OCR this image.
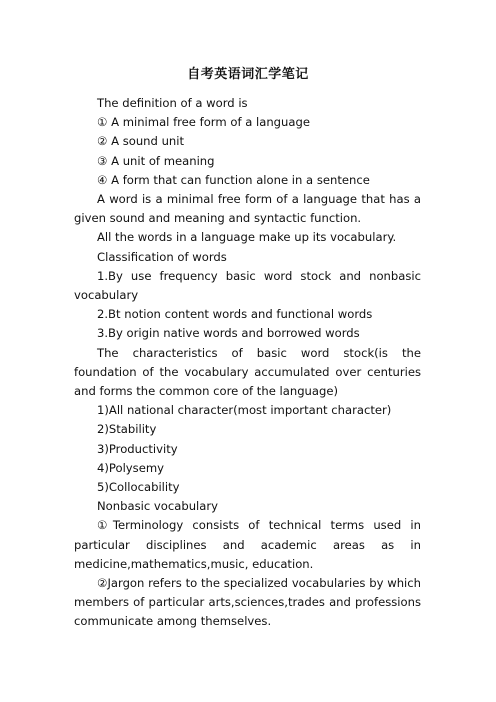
自考英语词汇学笔记

The definition of a word is

① A minimal free form of a language

② A sound unit

③ A unit of meaning

④ A form that can function alone in a sentence

A word is a minimal free form of a language that has a given sound and meaning and syntactic function.

All the words in a language make up its vocabulary.

Classification of words

1.By use frequency basic word stock and nonbasic vocabulary

2.Bt notion content words and functional words

3.By origin native words and borrowed words

The characteristics of basic word stock(is the foundation of the vocabulary accumulated over centuries and forms the common core of the language)

1)All national character(most important character)

2)Stability

3)Productivity

4)Polysemy

5)Collocability

Nonbasic vocabulary

①Terminology consists of technical terms used in particular disciplines and academic areas as in medicine,mathematics,music, education.

②Jargon refers to the specialized vocabularies by which members of particular arts,sciences,trades and professions communicate among themselves.
